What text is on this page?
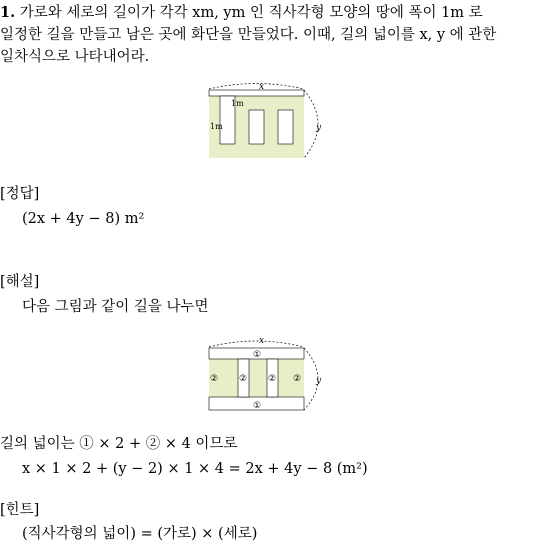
1. 가로와 세로의 길이가 각각 xm, ym 인 직사각형 모양의 땅에 폭이 1m 로
일정한 길을 만들고 남은 곳에 화단을 만들었다. 이때, 길의 넓이를 x, y 에 관한
일차식으로 나타내어라.
x
y
1m
1m
[정답]
(2x + 4y − 8) m²
[해설]
다음 그림과 같이 길을 나누면
x
y
①
①
② ② ② ②
길의 넓이는 ① × 2 + ② × 4 이므로
x × 1 × 2 + (y − 2) × 1 × 4 = 2x + 4y − 8 (m²)
[힌트]
(직사각형의 넓이) = (가로) × (세로)
